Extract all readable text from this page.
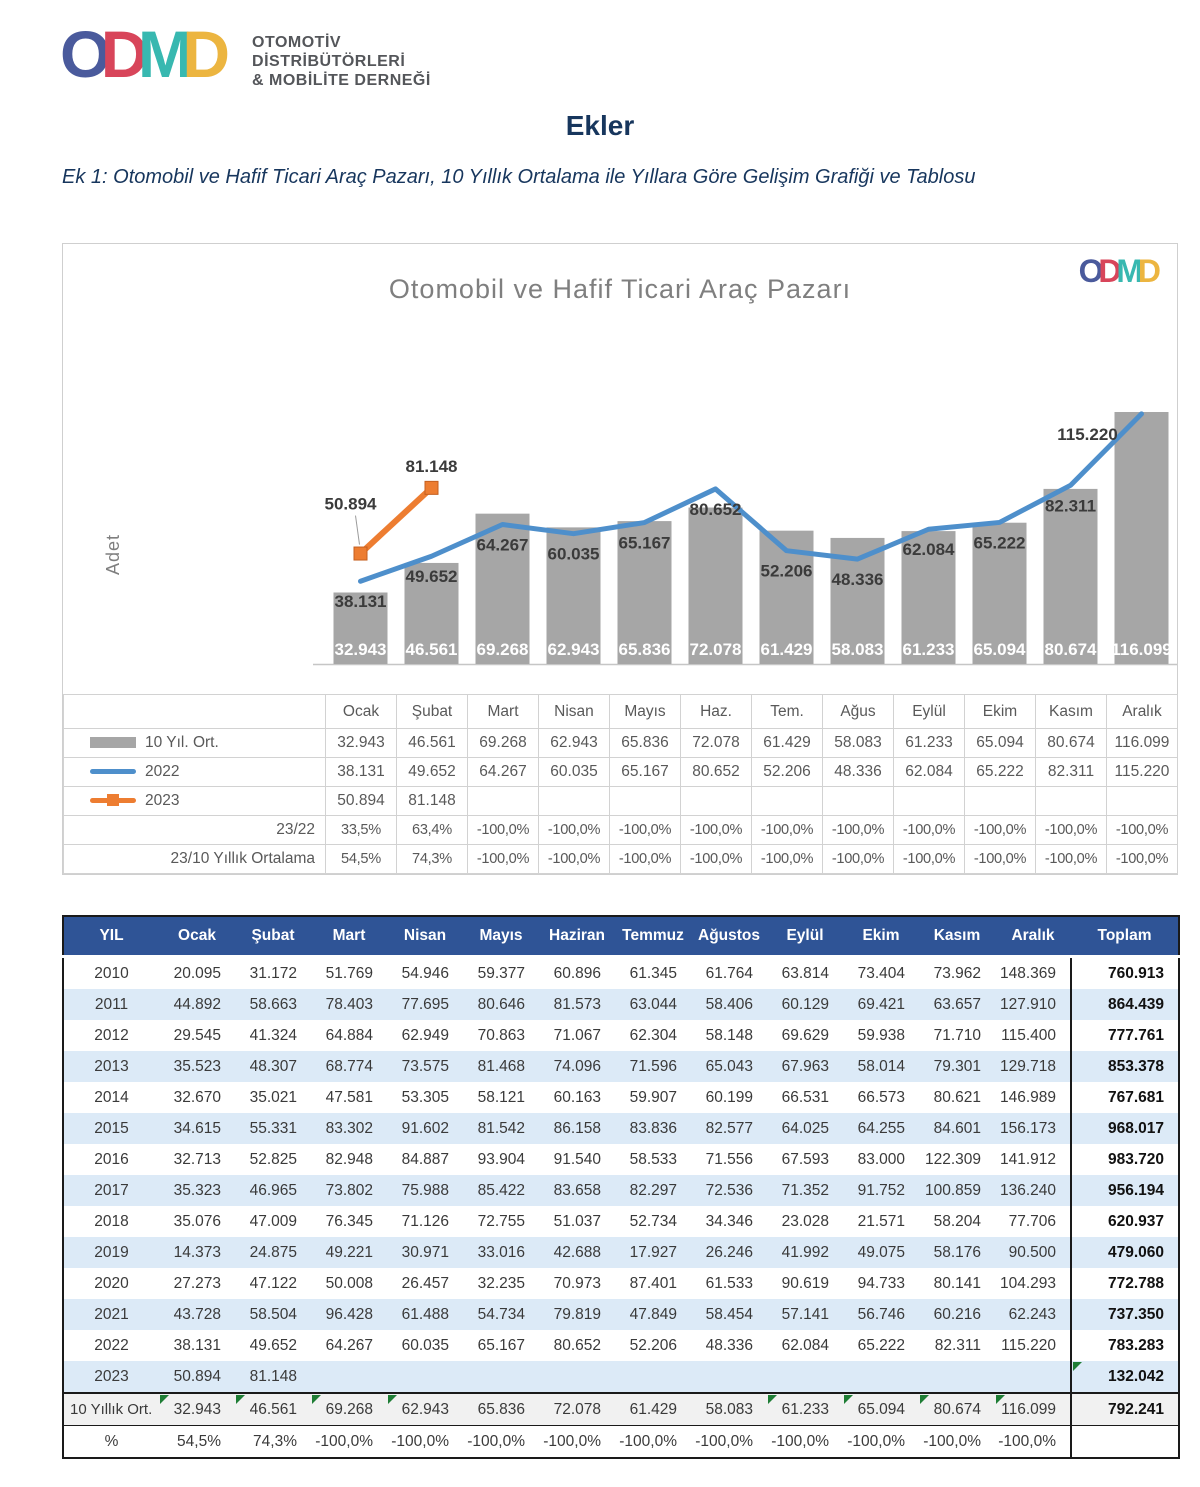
ODMD OTOMOTİV
DİSTRİBÜTÖRLERİ
& MOBİLİTE DERNEĞİ
Ekler
Ek 1: Otomobil ve Hafif Ticari Araç Pazarı, 10 Yıllık Ortalama ile Yıllara Göre Gelişim Grafiği ve Tablosu
Otomobil ve Hafif Ticari Araç Pazarı	ODMD
Adet
32.943 46.561 69.268 62.943 65.836 72.078 61.429 58.083 61.233 65.094 80.674 116.099
38.131
49.652
64.267 60.035
65.167
80.652
52.206 48.336
62.084 65.222
82.311
115.220
50.894
81.148
	Ocak	Şubat	Mart	Nisan	Mayıs	Haz.	Tem.	Ağus	Eylül	Ekim	Kasım	Aralık
10 Yıl. Ort.	32.943	46.561	69.268	62.943	65.836	72.078	61.429	58.083	61.233	65.094	80.674	116.099
2022	38.131	49.652	64.267	60.035	65.167	80.652	52.206	48.336	62.084	65.222	82.311	115.220

2023	50.894	81.148										
23/22	33,5%	63,4%	-100,0%	-100,0%	-100,0%	-100,0%	-100,0%	-100,0%	-100,0%	-100,0%	-100,0%	-100,0%
23/10 Yıllık Ortalama	54,5%	74,3%	-100,0%	-100,0%	-100,0%	-100,0%	-100,0%	-100,0%	-100,0%	-100,0%	-100,0%	-100,0%
YIL	Ocak	Şubat	Mart	Nisan	Mayıs	Haziran	Temmuz	Ağustos	Eylül	Ekim	Kasım	Aralık	Toplam
2010	20.095	31.172	51.769	54.946	59.377	60.896	61.345	61.764	63.814	73.404	73.962	148.369	760.913
2011	44.892	58.663	78.403	77.695	80.646	81.573	63.044	58.406	60.129	69.421	63.657	127.910	864.439
2012	29.545	41.324	64.884	62.949	70.863	71.067	62.304	58.148	69.629	59.938	71.710	115.400	777.761
2013	35.523	48.307	68.774	73.575	81.468	74.096	71.596	65.043	67.963	58.014	79.301	129.718	853.378
2014	32.670	35.021	47.581	53.305	58.121	60.163	59.907	60.199	66.531	66.573	80.621	146.989	767.681
2015	34.615	55.331	83.302	91.602	81.542	86.158	83.836	82.577	64.025	64.255	84.601	156.173	968.017
2016	32.713	52.825	82.948	84.887	93.904	91.540	58.533	71.556	67.593	83.000	122.309	141.912	983.720
2017	35.323	46.965	73.802	75.988	85.422	83.658	82.297	72.536	71.352	91.752	100.859	136.240	956.194
2018	35.076	47.009	76.345	71.126	72.755	51.037	52.734	34.346	23.028	21.571	58.204	77.706	620.937
2019	14.373	24.875	49.221	30.971	33.016	42.688	17.927	26.246	41.992	49.075	58.176	90.500	479.060
2020	27.273	47.122	50.008	26.457	32.235	70.973	87.401	61.533	90.619	94.733	80.141	104.293	772.788
2021	43.728	58.504	96.428	61.488	54.734	79.819	47.849	58.454	57.141	56.746	60.216	62.243	737.350
2022	38.131	49.652	64.267	60.035	65.167	80.652	52.206	48.336	62.084	65.222	82.311	115.220	783.283
2023	50.894	81.148											132.042

10 Yıllık Ort.	32.943	46.561	69.268	62.943	65.836	72.078	61.429	58.083	61.233	65.094	80.674	116.099	792.241
%	54,5%	74,3%	-100,0%	-100,0%	-100,0%	-100,0%	-100,0%	-100,0%	-100,0%	-100,0%	-100,0%	-100,0%	
